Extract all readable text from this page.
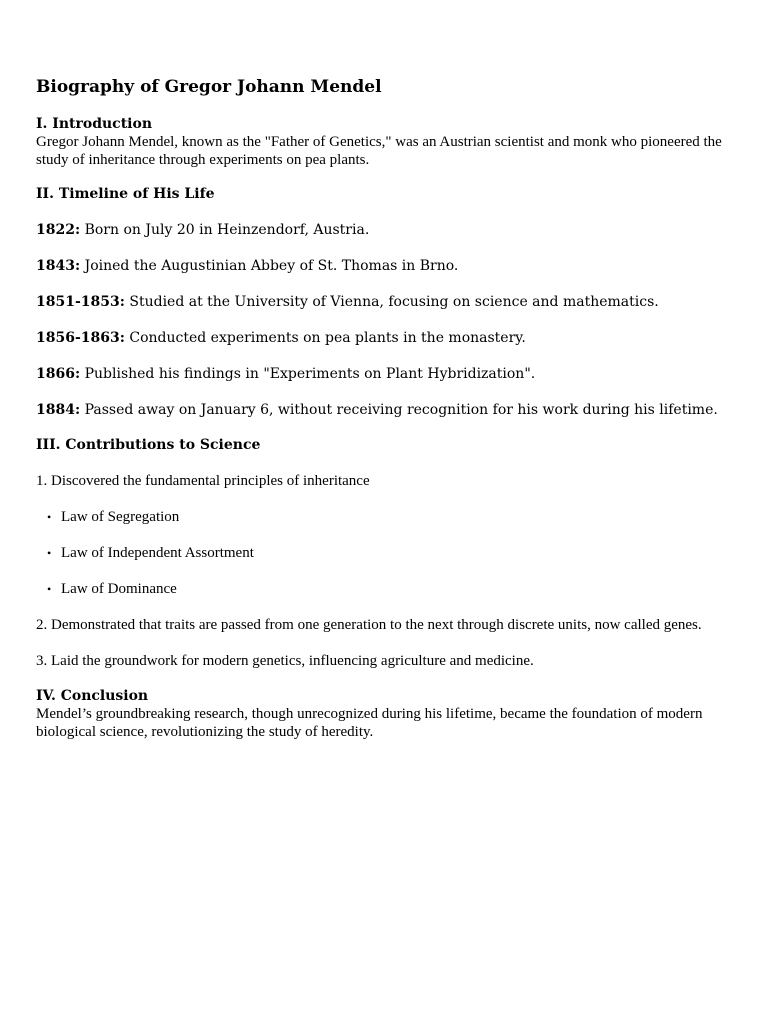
Biography of Gregor Johann Mendel
I. Introduction

Gregor Johann Mendel, known as the "Father of Genetics," was an Austrian scientist and monk who pioneered the study of inheritance through experiments on pea plants.

II. Timeline of His Life
1822: Born on July 20 in Heinzendorf, Austria.
1843: Joined the Augustinian Abbey of St. Thomas in Brno.
1851-1853: Studied at the University of Vienna, focusing on science and mathematics.
1856-1863: Conducted experiments on pea plants in the monastery.
1866: Published his findings in "Experiments on Plant Hybridization".
1884: Passed away on January 6, without receiving recognition for his work during his lifetime.
III. Contributions to Science

1. Discovered the fundamental principles of inheritance

• Law of Segregation
• Law of Independent Assortment
• Law of Dominance

2. Demonstrated that traits are passed from one generation to the next through discrete units, now called genes.

3. Laid the groundwork for modern genetics, influencing agriculture and medicine.

IV. Conclusion

Mendel’s groundbreaking research, though unrecognized during his lifetime, became the foundation of modern biological science, revolutionizing the study of heredity.
